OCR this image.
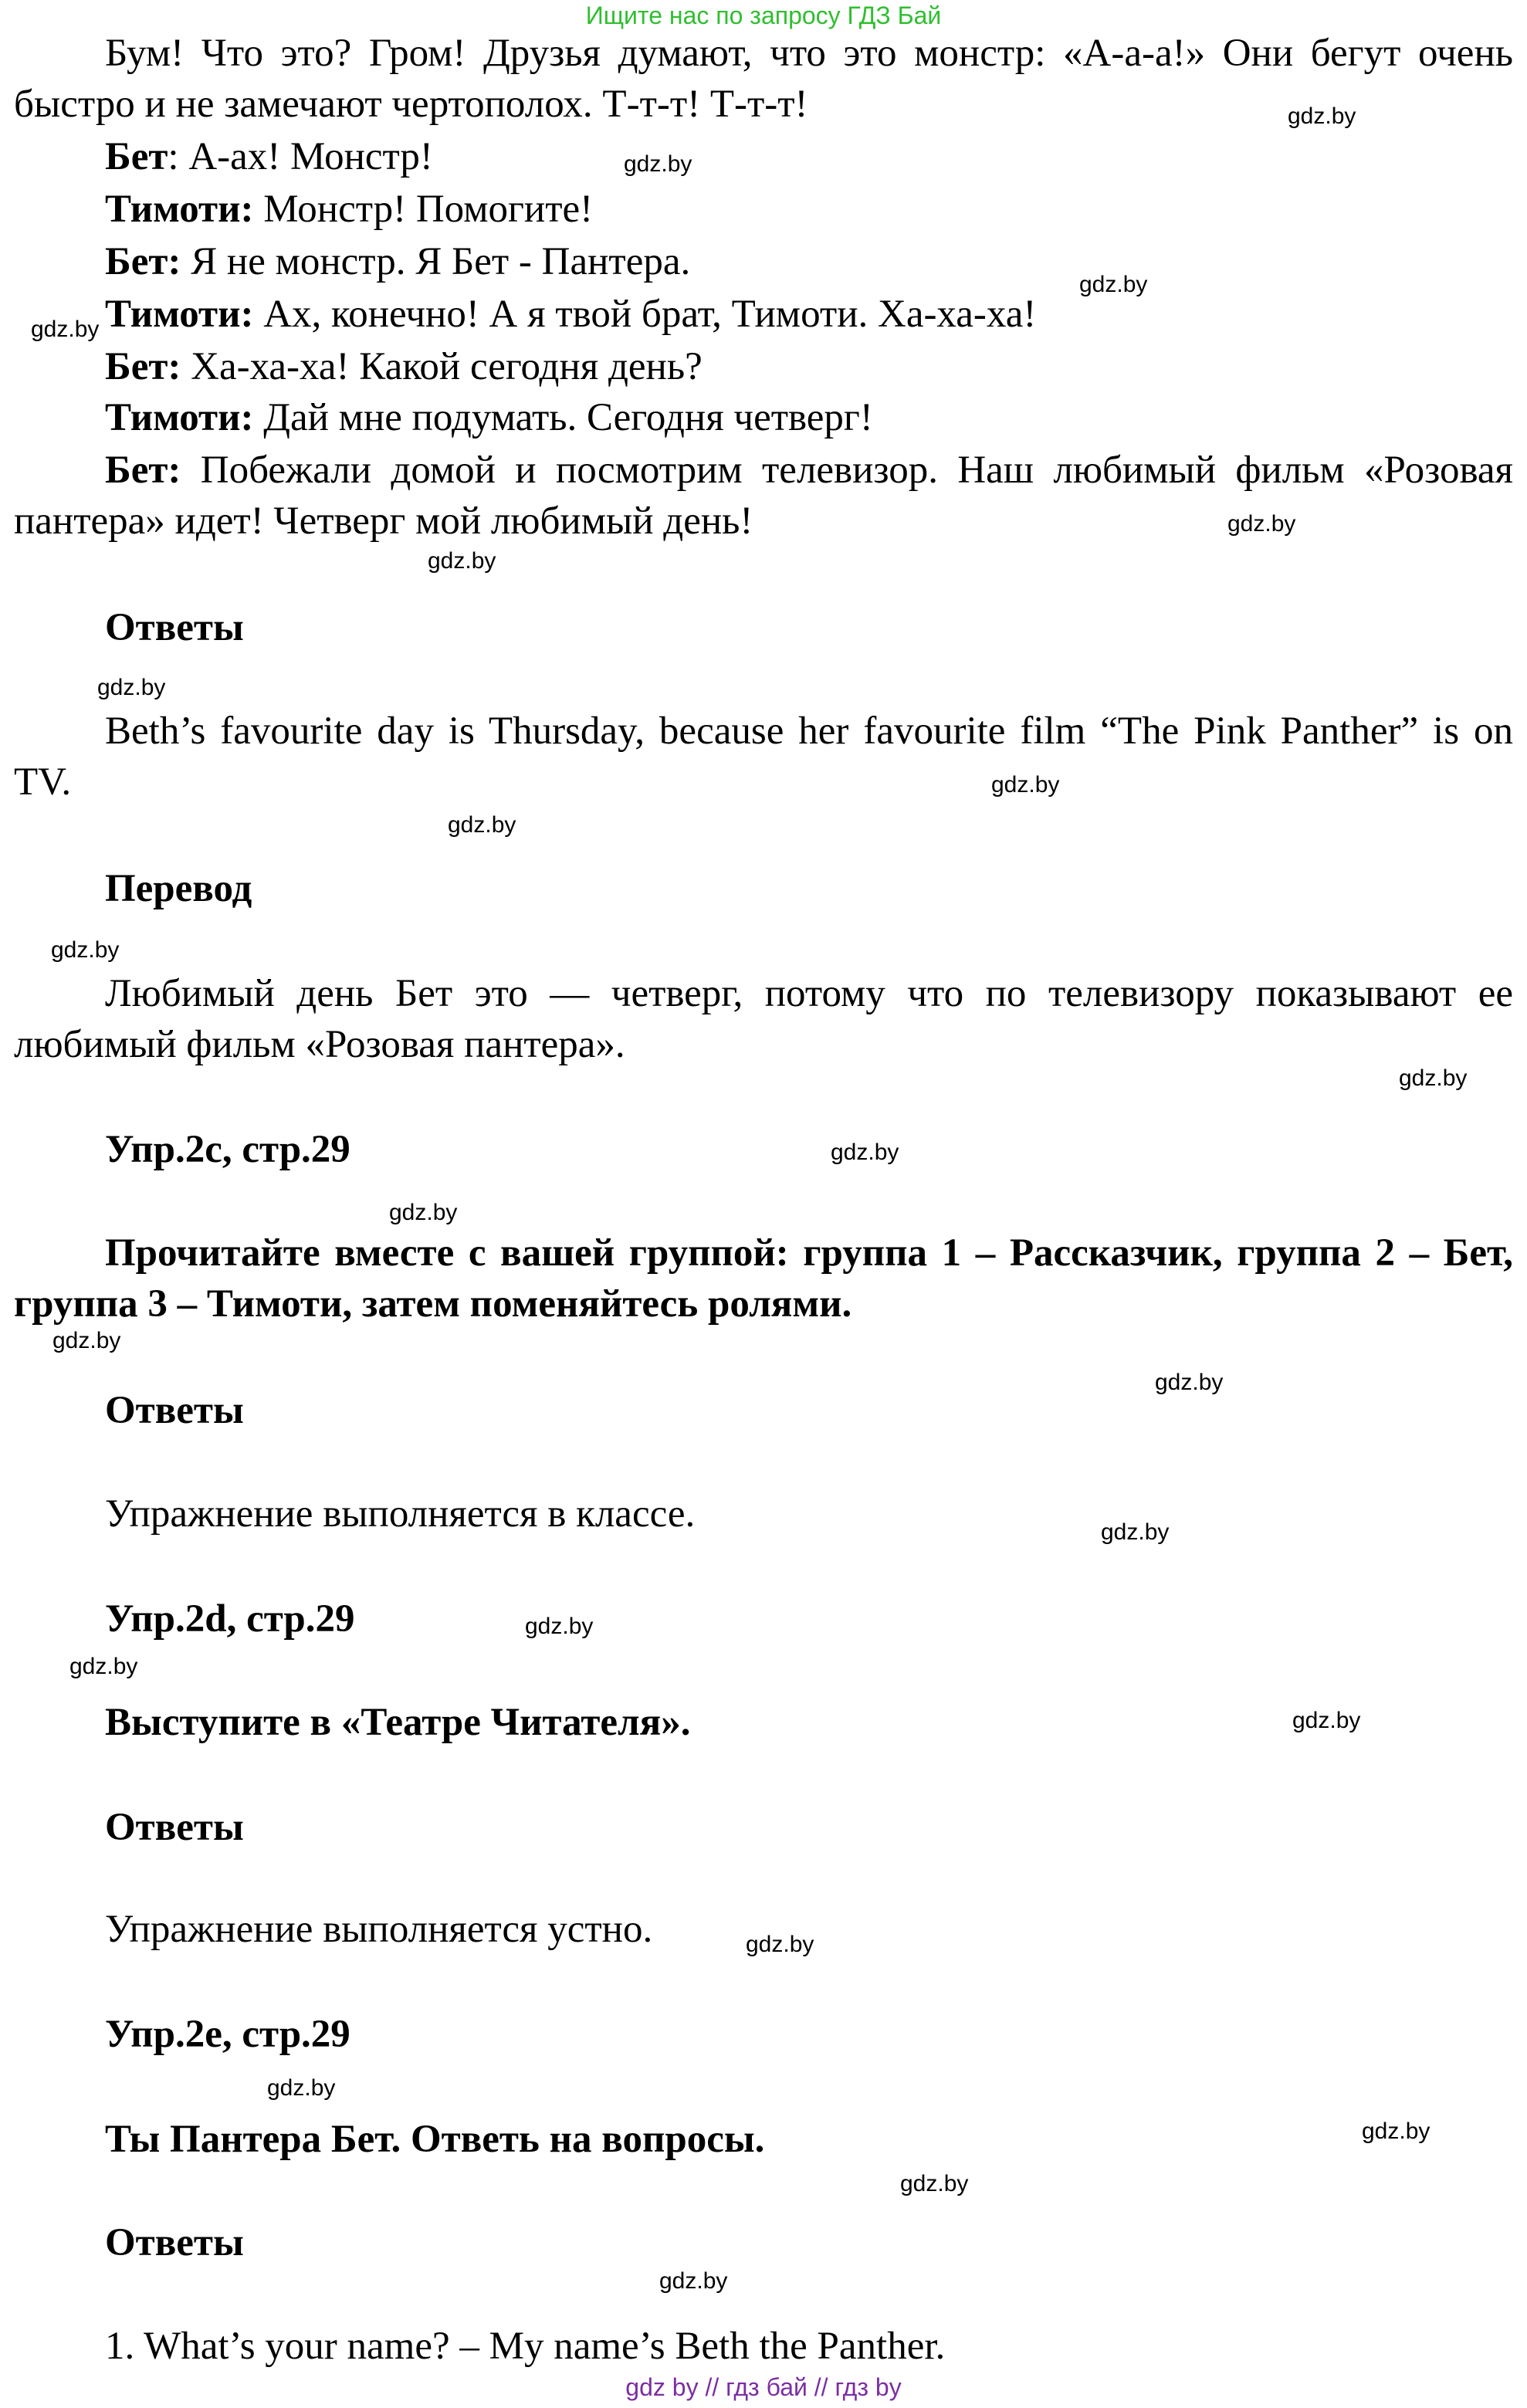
Ищите нас по запросу ГДЗ Бай

Бум! Что это? Гром! Друзья думают, что это монстр: «А-а-а!» Они бегут очень быстро и не замечают чертополох. Т-т-т! Т-т-т!

Бет: А-ах! Монстр!
Тимоти: Монстр! Помогите!
Бет: Я не монстр. Я Бет - Пантера.
Тимоти: Ах, конечно! А я твой брат, Тимоти. Ха-ха-ха!
Бет: Ха-ха-ха! Какой сегодня день?
Тимоти: Дай мне подумать. Сегодня четверг!

Бет: Побежали домой и посмотрим телевизор. Наш любимый фильм «Розовая пантера» идет! Четверг мой любимый день!

Ответы

Beth’s favourite day is Thursday, because her favourite film “The Pink Panther” is on TV.

Перевод

Любимый день Бет это — четверг, потому что по телевизору показывают ее любимый фильм «Розовая пантера».

Упр.2с, стр.29

Прочитайте вместе с вашей группой: группа 1 – Рассказчик, группа 2 – Бет, группа 3 – Тимоти, затем поменяйтесь ролями.

Ответы
Упражнение выполняется в классе.
Упр.2d, стр.29
Выступите в «Театре Читателя».
Ответы
Упражнение выполняется устно.
Упр.2e, стр.29
Ты Пантера Бет. Ответь на вопросы.
Ответы
1. What’s your name? – My name’s Beth the Panther.
gdz.by
gdz.by
gdz.by
gdz.by
gdz.by
gdz.by
gdz.by
gdz.by
gdz.by
gdz.by
gdz.by
gdz.by
gdz.by
gdz.by
gdz.by
gdz.by
gdz.by
gdz.by
gdz.by
gdz.by
gdz.by
gdz.by
gdz.by
gdz.by
gdz by // гдз бай // гдз by
